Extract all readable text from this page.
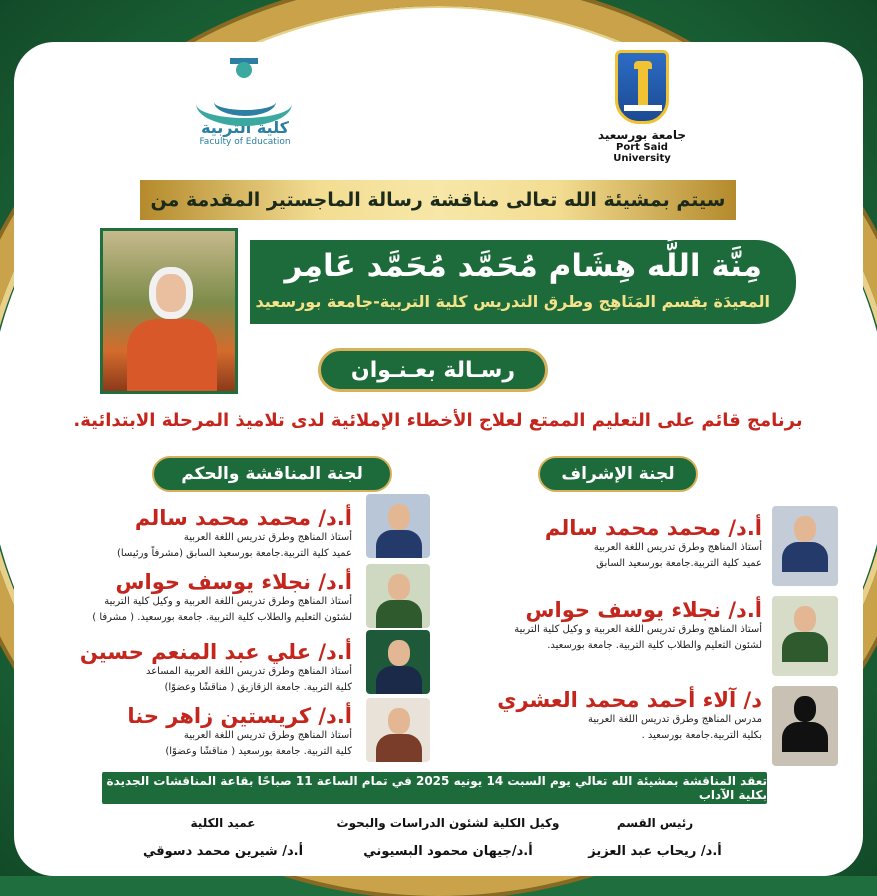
جامعة بورسعيد
Port Said University
كلية التربية
Faculty of Education
سيتم بمشيئة الله تعالى مناقشة رسالة الماجستير المقدمة من
مِنَّة اللَّه هِشَام مُحَمَّد مُحَمَّد عَامِر
المعيدَة بقسم المَنَاهِج وطرق التدريس كلية التربية-جامعة بورسعيد
رسـالة بعـنـوان
برنامج قائم على التعليم الممتع لعلاج الأخطاء الإملائية لدى تلاميذ المرحلة الابتدائية.
لجنة المناقشة والحكم	لجنة الإشراف
أ.د/ محمد محمد سالم
أستاذ المناهج وطرق تدريس اللغة العربية
عميد كلية التربية.جامعة بورسعيد السابق (مشرفاً ورئيسا)
أ.د/ نجلاء يوسف حواس
أستاذ المناهج وطرق تدريس اللغة العربية و وكيل كلية التربية
لشئون التعليم والطلاب كلية التربية. جامعة بورسعيد. ( مشرفا )
أ.د/ علي عبد المنعم حسين
أستاذ المناهج وطرق تدريس اللغة العربية المساعد
كلية التربية. جامعة الزقازيق ( مناقشًا وعضوًا)
أ.د/ كريستين زاهر حنا
أستاذ المناهج وطرق تدريس اللغة العربية
كلية التربية. جامعة بورسعيد ( مناقشًا وعضوًا)
أ.د/ محمد محمد سالم
أستاذ المناهج وطرق تدريس اللغة العربية
عميد كلية التربية.جامعة بورسعيد السابق
أ.د/ نجلاء يوسف حواس
أستاذ المناهج وطرق تدريس اللغة العربية و وكيل كلية التربية
لشئون التعليم والطلاب كلية التربية. جامعة بورسعيد.
د/ آلاء أحمد محمد العشري
مدرس المناهج وطرق تدريس اللغة العربية
بكلية التربية.جامعة بورسعيد .
تعقد المناقشة بمشيئة الله تعالي يوم السبت 14 يونيه 2025 في تمام الساعة 11 صباحًا بقاعة المناقشات الجديدة بكلية الآداب
رئيس القسم
أ.د/ ريحاب عبد العزيز
وكيل الكلية لشئون الدراسات والبحوث
أ.د/جيهان محمود البسيوني
عميد الكلية
أ.د/ شيرين محمد دسوقي
